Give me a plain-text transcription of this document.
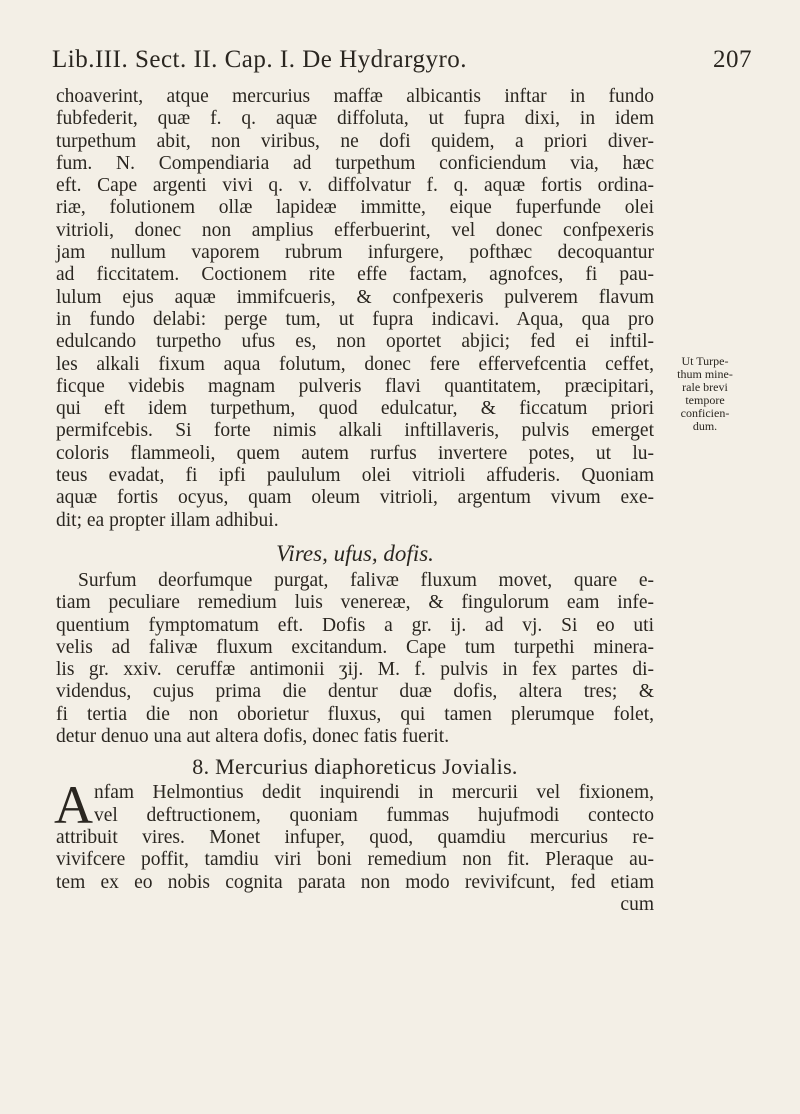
Lib.III. Sect. II. Cap. I. De Hydrargyro.	207
Ut Turpe-
thum mine-
rale brevi
tempore
conficien-
dum.
choaverint, atque mercurius maffæ albicantis inftar in fundo
fubfederit, quæ f. q. aquæ diffoluta, ut fupra dixi, in idem
turpethum abit, non viribus, ne dofi quidem, a priori diver-
fum. N. Compendiaria ad turpethum conficiendum via, hæc
eft. Cape argenti vivi q. v. diffolvatur f. q. aquæ fortis ordina-
riæ, folutionem ollæ lapideæ immitte, eique fuperfunde olei
vitrioli, donec non amplius efferbuerint, vel donec confpexeris
jam nullum vaporem rubrum infurgere, pofthæc decoquantur
ad ficcitatem. Coctionem rite effe factam, agnofces, fi pau-
lulum ejus aquæ immifcueris, & confpexeris pulverem flavum
in fundo delabi: perge tum, ut fupra indicavi. Aqua, qua pro
edulcando turpetho ufus es, non oportet abjici; fed ei inftil-
les alkali fixum aqua folutum, donec fere effervefcentia ceffet,
ficque videbis magnam pulveris flavi quantitatem, præcipitari,
qui eft idem turpethum, quod edulcatur, & ficcatum priori
permifcebis. Si forte nimis alkali inftillaveris, pulvis emerget
coloris flammeoli, quem autem rurfus invertere potes, ut lu-
teus evadat, fi ipfi paululum olei vitrioli affuderis. Quoniam
aquæ fortis ocyus, quam oleum vitrioli, argentum vivum exe-
dit; ea propter illam adhibui.
Vires, ufus, dofis.
Surfum deorfumque purgat, falivæ fluxum movet, quare e-
tiam peculiare remedium luis venereæ, & fingulorum eam infe-
quentium fymptomatum eft. Dofis a gr. ij. ad vj. Si eo uti
velis ad falivæ fluxum excitandum. Cape tum turpethi minera-
lis gr. xxiv. ceruffæ antimonii ʒij. M. f. pulvis in fex partes di-
videndus, cujus prima die dentur duæ dofis, altera tres; &
fi tertia die non oborietur fluxus, qui tamen plerumque folet,
detur denuo una aut altera dofis, donec fatis fuerit.
8. Mercurius diaphoreticus Jovialis.
A nfam Helmontius dedit inquirendi in mercurii vel fixionem,
vel deftructionem, quoniam fummas hujufmodi contecto
attribuit vires. Monet infuper, quod, quamdiu mercurius re-
vivifcere poffit, tamdiu viri boni remedium non fit. Pleraque au-
tem ex eo nobis cognita parata non modo revivifcunt, fed etiam
cum
